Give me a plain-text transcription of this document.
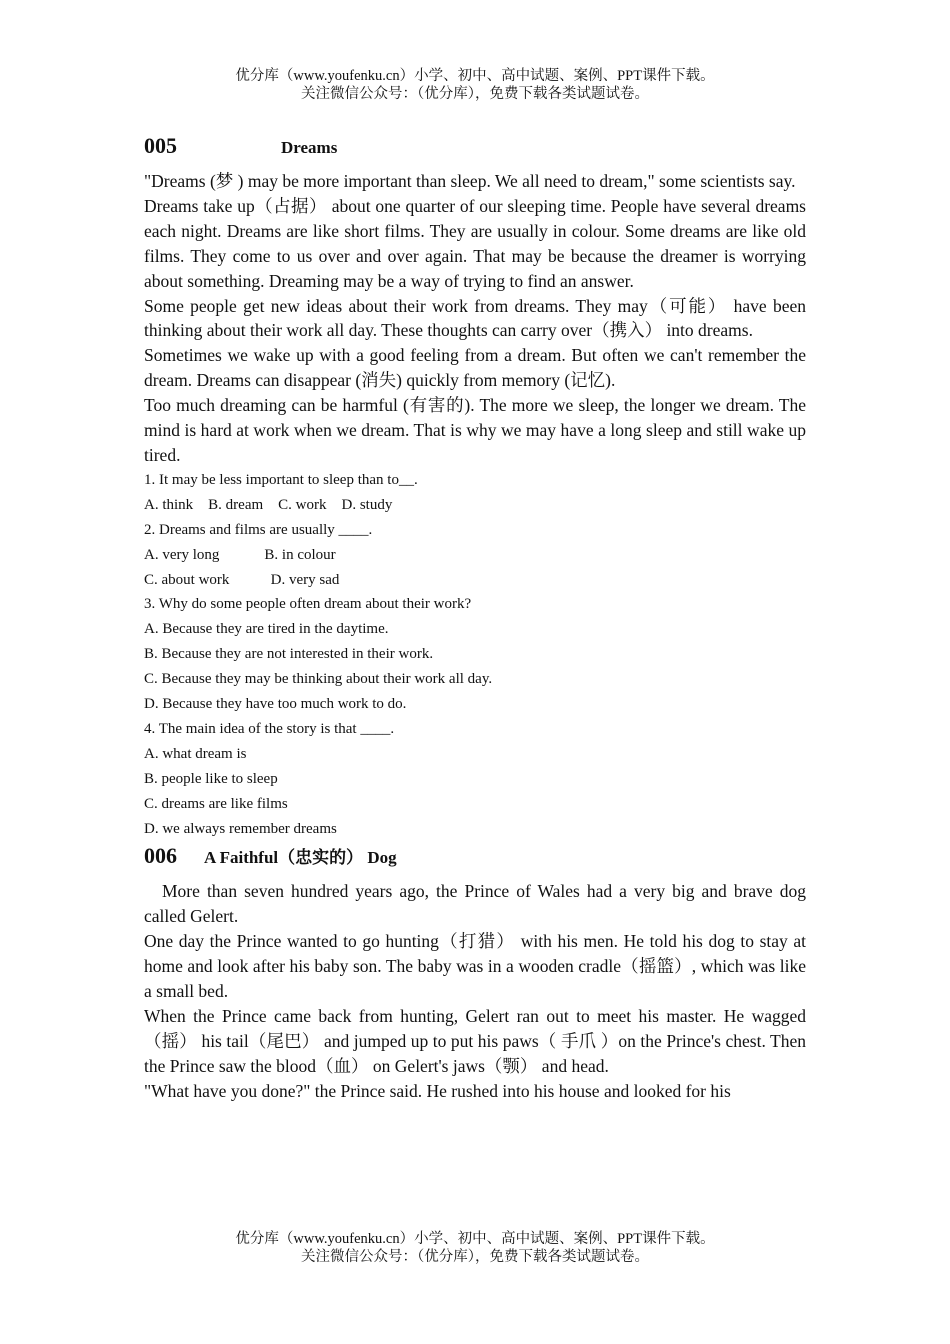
优分库（www.youfenku.cn）小学、初中、高中试题、案例、PPT课件下载。
关注微信公众号：（优分库），免费下载各类试题试卷。
005	Dreams

"Dreams (梦 ) may be more important than sleep. We all need to dream," some scientists say.

Dreams take up（占据） about one quarter of our sleeping time. People have several dreams each night. Dreams are like short films. They are usually in colour. Some dreams are like old films. They come to us over and over again. That may be because the dreamer is worrying about something. Dreaming may be a way of trying to find an answer.

Some people get new ideas about their work from dreams. They may（可能） have been thinking about their work all day. These thoughts can carry over（携入） into dreams.

Sometimes we wake up with a good feeling from a dream. But often we can't remember the dream. Dreams can disappear (消失) quickly from memory (记忆).

Too much dreaming can be harmful (有害的). The more we sleep, the longer we dream. The mind is hard at work when we dream. That is why we may have a long sleep and still wake up tired.

1. It may be less important to sleep than to__.

A. think    B. dream    C. work    D. study

2. Dreams and films are usually ____.

A. very long            B. in colour

C. about work           D. very sad

3. Why do some people often dream about their work?

A. Because they are tired in the daytime.

B. Because they are not interested in their work.

C. Because they may be thinking about their work all day.

D. Because they have too much work to do.

4. The main idea of the story is that ____.

A. what dream is

B. people like to sleep

C. dreams are like films

D. we always remember dreams

006	A Faithful（忠实的） Dog

More than seven hundred years ago, the Prince of Wales had a very big and brave dog called Gelert.

One day the Prince wanted to go hunting（打猎） with his men. He told his dog to stay at home and look after his baby son. The baby was in a wooden cradle（摇篮）, which was like a small bed.

When the Prince came back from hunting, Gelert ran out to meet his master. He wagged（摇） his tail（尾巴） and jumped up to put his paws（ 手爪 ）on the Prince's chest. Then the Prince saw the blood（血） on Gelert's jaws（颚） and head.

"What have you done?" the Prince said. He rushed into his house and looked for his

优分库（www.youfenku.cn）小学、初中、高中试题、案例、PPT课件下载。
关注微信公众号：（优分库），免费下载各类试题试卷。
